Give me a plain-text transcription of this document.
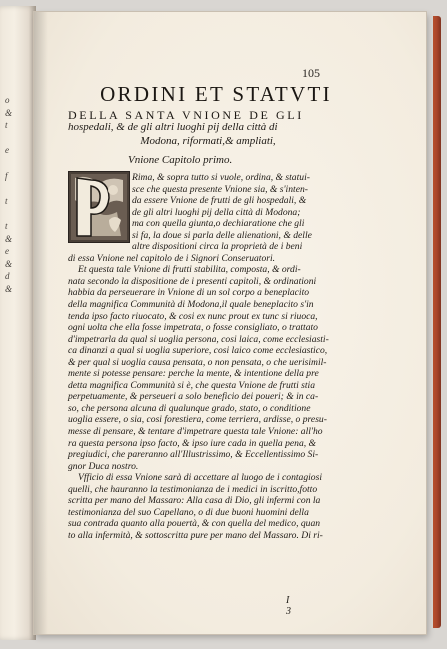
o
&
t

e

f

t

t
&
e
&
d
&
105
ORDINI ET STATVTI
DELLA SANTA VNIONE DE GLI
hospedali, & de gli altri luoghi pij della città di
Modona, riformati,& ampliati,
Vnione Capitolo primo.
Rima, & sopra tutto si vuole, ordina, & statui-
sce che questa presente Vnione sia, & s'inten-
da essere Vnione de frutti de gli hospedali, &
de gli altri luoghi pij della città di Modona;
ma con quella giunta,o dechiaratione che gli
si fa, la doue si parla delle alienationi, & delle
altre dispositioni circa la proprietà de i beni
di essa Vnione nel capitolo de i Signori Conseruatori.
Et questa tale Vnione di frutti stabilita, composta, & ordi-
nata secondo la dispositione de i presenti capitoli, & ordinationi
habbia da perseuerare in Vnione di un sol corpo a beneplacito
della magnifica Communità di Modona,il quale beneplacito s'in
tenda ipso facto riuocato, & cosi ex nunc prout ex tunc si riuoca,
ogni uolta che ella fosse impetrata, o fosse consigliato, o trattato
d'impetrarla da qual si uoglia persona, cosi laica, come ecclesiasti-
ca dinanzi a qual si uoglia superiore, cosi laico come ecclesiastico,
& per qual si uoglia causa pensata, o non pensata, o che uerisimil-
mente si potesse pensare: perche la mente, & intentione della pre
detta magnifica Communità si è, che questa Vnione de frutti stia
perpetuamente, & perseueri a solo beneficio dei poueri; & in ca-
so, che persona alcuna di qualunque grado, stato, o conditione
uoglia essere, o sia, cosi forestiera, come terriera, ardisse, o presu-
messe di pensare, & tentare d'impetrare questa tale Vnione: all'ho
ra questa persona ipso facto, & ipso iure cada in quella pena, &
pregiudici, che pareranno all'Illustrissimo, & Eccellentissimo Si-
gnor Duca nostro.
Vfficio di essa Vnione sarà di accettare al luogo de i contagiosi
quelli, che hauranno la testimonianza de i medici in iscritto,fotto
scritta per mano del Massaro: Alla casa di Dio, gli infermi con la
testimonianza del suo Capellano, o di due buoni huomini della
sua contrada quanto alla pouertà, & con quella del medico, quan
to alla infermità, & sottoscritta pure per mano del Massaro. Di ri-
I 3
